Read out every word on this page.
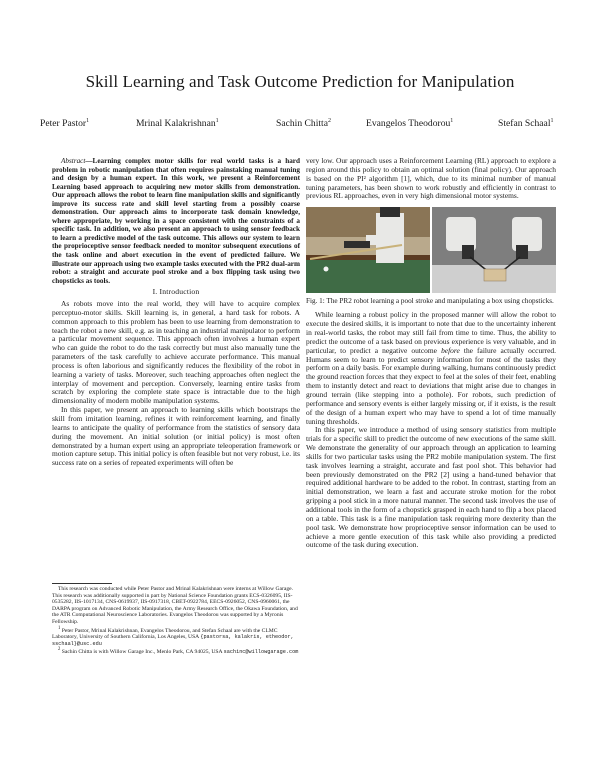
Skill Learning and Task Outcome Prediction for Manipulation
Peter Pastor$^1$	Mrinal Kalakrishnan$^1$	Sachin Chitta$^2$	Evangelos Theodorou$^1$	Stefan Schaal$^1$

Abstract—Learning complex motor skills for real world tasks is a hard problem in robotic manipulation that often requires painstaking manual tuning and design by a human expert. In this work, we present a Reinforcement Learning based approach to acquiring new motor skills from demonstration. Our approach allows the robot to learn fine manipulation skills and significantly improve its success rate and skill level starting from a possibly coarse demonstration. Our approach aims to incorporate task domain knowledge, where appropriate, by working in a space consistent with the constraints of a specific task. In addition, we also present an approach to using sensor feedback to learn a predictive model of the task outcome. This allows our system to learn the proprioceptive sensor feedback needed to monitor subsequent executions of the task online and abort execution in the event of predicted failure. We illustrate our approach using two example tasks executed with the PR2 dual-arm robot: a straight and accurate pool stroke and a box flipping task using two chopsticks as tools.

I. Introduction

As robots move into the real world, they will have to acquire complex perceptuo-motor skills. Skill learning is, in general, a hard task for robots. A common approach to this problem has been to use learning from demonstration to teach the robot a new skill, e.g. as in teaching an industrial manipulator to perform a particular movement sequence. This approach often involves a human expert who can guide the robot to do the task correctly but must also manually tune the parameters of the task carefully to achieve accurate performance. This manual process is often laborious and significantly reduces the flexibility of the robot in learning a variety of tasks. Moreover, such teaching approaches often neglect the interplay of movement and perception. Conversely, learning entire tasks from scratch by exploring the complete state space is intractable due to the high dimensionality of modern mobile manipulation systems.

In this paper, we present an approach to learning skills which bootstraps the skill from imitation learning, refines it with reinforcement learning, and finally learns to anticipate the quality of performance from the statistics of sensory data during the movement. An initial solution (or initial policy) is most often demonstrated by a human expert using an appropriate teleoperation framework or motion capture setup. This initial policy is often feasible but not very robust, i.e. its success rate on a series of repeated experiments will often be

This research was conducted while Peter Pastor and Mrinal Kalakrishnan were interns at Willow Garage. This research was additionally supported in part by National Science Foundation grants ECS-0326095, IIS-0535282, IIS-1017134, CNS-0619937, IIS-0917318, CBET-0922784, EECS-0926052, CNS-0960061, the DARPA program on Advanced Robotic Manipulation, the Army Research Office, the Okawa Foundation, and the ATR Computational Neuroscience Laboratories. Evangelos Theodorou was supported by a Myronis Fellowship.

$^1$ Peter Pastor, Mrinal Kalakrishnan, Evangelos Theodorou, and Stefan Schaal are with the CLMC Laboratory, University of Southern California, Los Angeles, USA {pastorsa, kalakris, etheodor, sschaal}@usc.edu

$^2$ Sachin Chitta is with Willow Garage Inc., Menlo Park, CA 94025, USA sachinc@willowgarage.com

very low. Our approach uses a Reinforcement Learning (RL) approach to explore a region around this policy to obtain an optimal solution (final policy). Our approach is based on the PI² algorithm [1], which, due to its minimal number of manual tuning parameters, has been shown to work robustly and efficiently in contrast to previous RL approaches, even in very high dimensional motor systems.

Fig. 1: The PR2 robot learning a pool stroke and manipulating a box using chopsticks.

While learning a robust policy in the proposed manner will allow the robot to execute the desired skills, it is important to note that due to the uncertainty inherent in real-world tasks, the robot may still fail from time to time. Thus, the ability to predict the outcome of a task based on previous experience is very valuable, and in particular, to predict a negative outcome before the failure actually occurred. Humans seem to learn to predict sensory information for most of the tasks they perform on a daily basis. For example during walking, humans continuously predict the ground reaction forces that they expect to feel at the soles of their feet, enabling them to instantly detect and react to deviations that might arise due to changes in ground terrain (like stepping into a pothole). For robots, such prediction of performance and sensory events is either largely missing or, if it exists, is the result of the design of a human expert who may have to spend a lot of time manually tuning thresholds.

In this paper, we introduce a method of using sensory statistics from multiple trials for a specific skill to predict the outcome of new executions of the same skill. We demonstrate the generality of our approach through an application to learning skills for two particular tasks using the PR2 mobile manipulation system. The first task involves learning a straight, accurate and fast pool shot. This behavior had been previously demonstrated on the PR2 [2] using a hand-tuned behavior that required additional hardware to be added to the robot. In contrast, starting from an initial demonstration, we learn a fast and accurate stroke motion for the robot gripping a pool stick in a more natural manner. The second task involves the use of additional tools in the form of a chopstick grasped in each hand to flip a box placed on a table. This task is a fine manipulation task requiring more dexterity than the pool task. We demonstrate how proprioceptive sensor information can be used to achieve a more gentle execution of this task while also providing a predicted outcome of the task during execution.
